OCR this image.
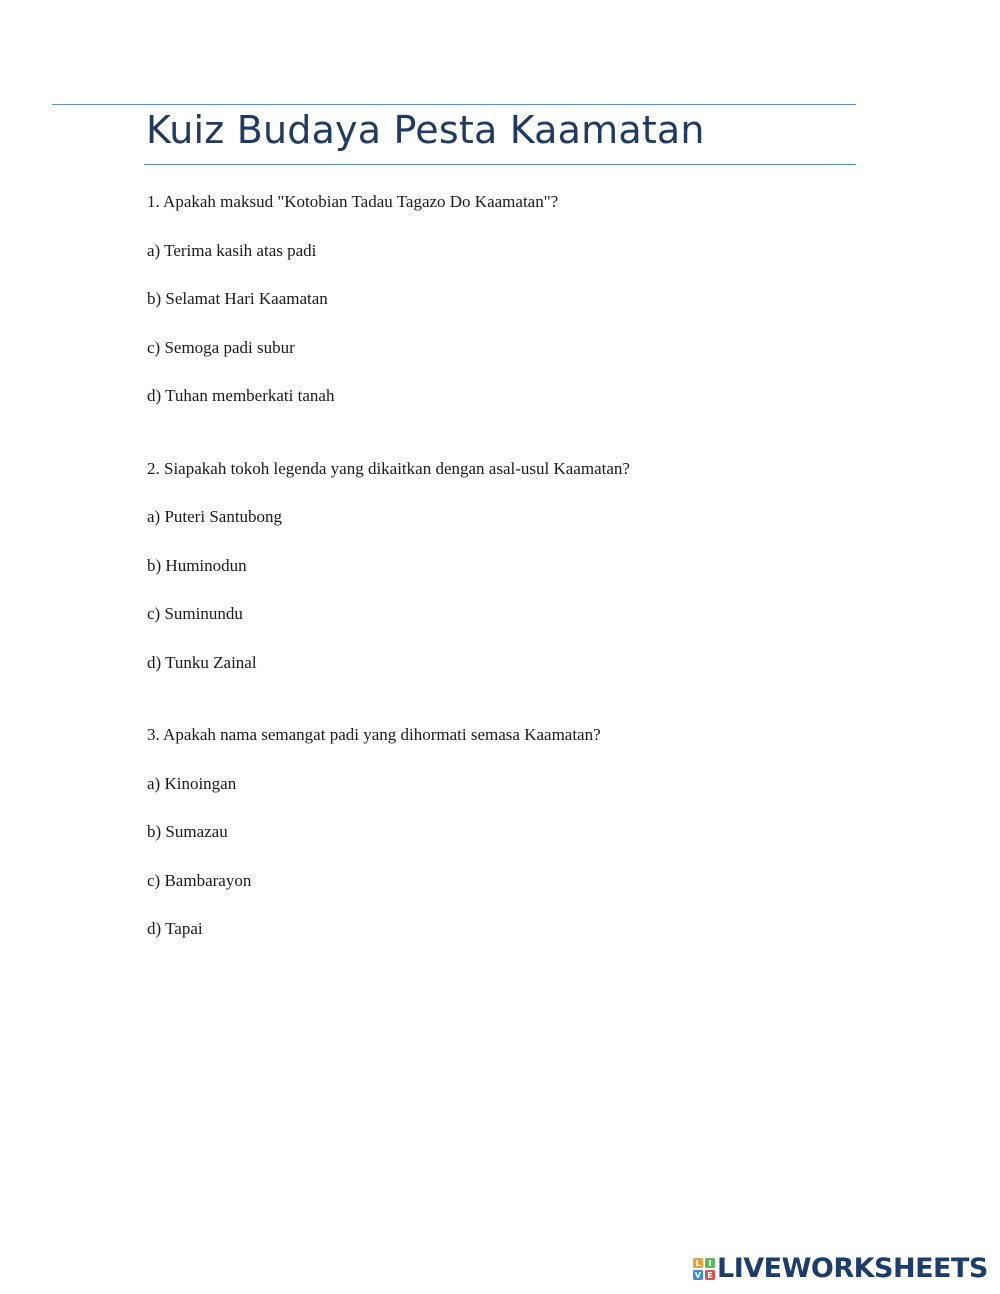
Kuiz Budaya Pesta Kaamatan
1. Apakah maksud "Kotobian Tadau Tagazo Do Kaamatan"?
a) Terima kasih atas padi
b) Selamat Hari Kaamatan
c) Semoga padi subur
d) Tuhan memberkati tanah
2. Siapakah tokoh legenda yang dikaitkan dengan asal-usul Kaamatan?
a) Puteri Santubong
b) Huminodun
c) Suminundu
d) Tunku Zainal
3. Apakah nama semangat padi yang dihormati semasa Kaamatan?
a) Kinoingan
b) Sumazau
c) Bambarayon
d) Tapai
L I
V E LIVEWORKSHEETS
